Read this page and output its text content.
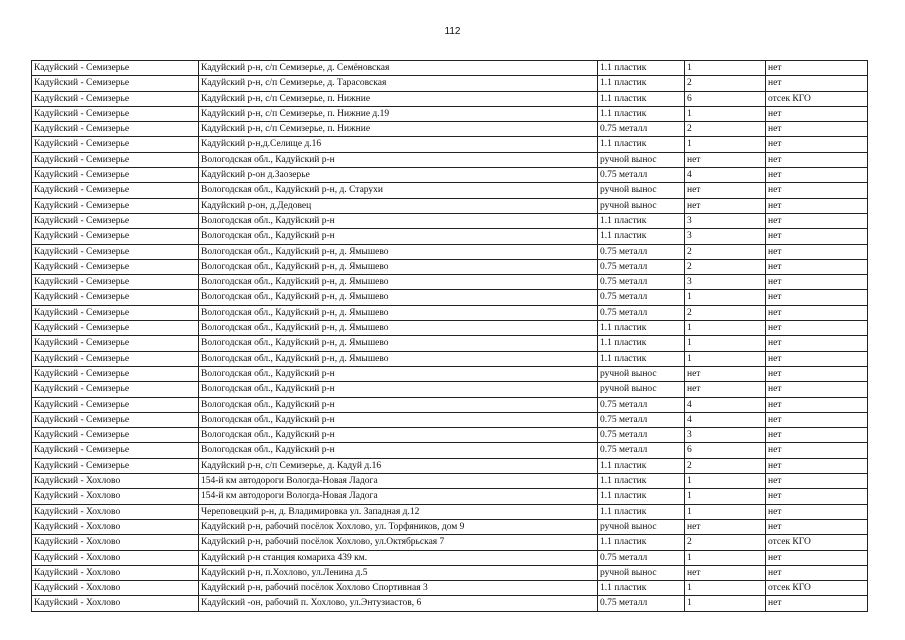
112
Кадуйский - Семизерье	Кадуйский р-н, с/п Семизерье, д. Семёновская	1.1 пластик	1	нет
Кадуйский - Семизерье	Кадуйский р-н, с/п Семизерье, д. Тарасовская	1.1 пластик	2	нет
Кадуйский - Семизерье	Кадуйский р-н, с/п Семизерье, п. Нижние	1.1 пластик	6	отсек КГО
Кадуйский - Семизерье	Кадуйский р-н, с/п Семизерье, п. Нижние д.19	1.1 пластик	1	нет
Кадуйский - Семизерье	Кадуйский р-н, с/п Семизерье, п. Нижние	0.75 металл	2	нет
Кадуйский - Семизерье	Кадуйский р-н,д.Селище д.16	1.1 пластик	1	нет
Кадуйский - Семизерье	Вологодская обл., Кадуйский р-н	ручной вынос	нет	нет
Кадуйский - Семизерье	Кадуйский р-он д.Заозерье	0.75 металл	4	нет
Кадуйский - Семизерье	Вологодская обл., Кадуйский р-н, д. Старухи	ручной вынос	нет	нет
Кадуйский - Семизерье	Кадуйский р-он, д.Дедовец	ручной вынос	нет	нет
Кадуйский - Семизерье	Вологодская обл., Кадуйский р-н	1.1 пластик	3	нет
Кадуйский - Семизерье	Вологодская обл., Кадуйский р-н	1.1 пластик	3	нет
Кадуйский - Семизерье	Вологодская обл., Кадуйский р-н, д. Ямышево	0.75 металл	2	нет
Кадуйский - Семизерье	Вологодская обл., Кадуйский р-н, д. Ямышево	0.75 металл	2	нет
Кадуйский - Семизерье	Вологодская обл., Кадуйский р-н, д. Ямышево	0.75 металл	3	нет
Кадуйский - Семизерье	Вологодская обл., Кадуйский р-н, д. Ямышево	0.75 металл	1	нет
Кадуйский - Семизерье	Вологодская обл., Кадуйский р-н, д. Ямышево	0.75 металл	2	нет
Кадуйский - Семизерье	Вологодская обл., Кадуйский р-н, д. Ямышево	1.1 пластик	1	нет
Кадуйский - Семизерье	Вологодская обл., Кадуйский р-н, д. Ямышево	1.1 пластик	1	нет
Кадуйский - Семизерье	Вологодская обл., Кадуйский р-н, д. Ямышево	1.1 пластик	1	нет
Кадуйский - Семизерье	Вологодская обл., Кадуйский р-н	ручной вынос	нет	нет
Кадуйский - Семизерье	Вологодская обл., Кадуйский р-н	ручной вынос	нет	нет
Кадуйский - Семизерье	Вологодская обл., Кадуйский р-н	0.75 металл	4	нет
Кадуйский - Семизерье	Вологодская обл., Кадуйский р-н	0.75 металл	4	нет
Кадуйский - Семизерье	Вологодская обл., Кадуйский р-н	0.75 металл	3	нет
Кадуйский - Семизерье	Вологодская обл., Кадуйский р-н	0.75 металл	6	нет
Кадуйский - Семизерье	Кадуйский р-н, с/п Семизерье, д. Кадуй д.16	1.1 пластик	2	нет
Кадуйский - Хохлово	154-й км автодороги Вологда-Новая Ладога	1.1 пластик	1	нет
Кадуйский - Хохлово	154-й км автодороги Вологда-Новая Ладога	1.1 пластик	1	нет
Кадуйский - Хохлово	Череповецкий р-н, д. Владимировка ул. Западная д.12	1.1 пластик	1	нет
Кадуйский - Хохлово	Кадуйский р-н, рабочий посёлок Хохлово, ул. Торфяников, дом 9	ручной вынос	нет	нет
Кадуйский - Хохлово	Кадуйский р-н, рабочий посёлок Хохлово, ул.Октябрьская 7	1.1 пластик	2	отсек КГО
Кадуйский - Хохлово	Кадуйский р-н станция комариха 439 км.	0.75 металл	1	нет
Кадуйский - Хохлово	Кадуйский р-н, п.Хохлово, ул.Ленина д.5	ручной вынос	нет	нет
Кадуйский - Хохлово	Кадуйский р-н, рабочий посёлок Хохлово Спортивная 3	1.1 пластик	1	отсек КГО
Кадуйский - Хохлово	Кадуйский -он, рабочий п. Хохлово, ул.Энтузиастов, 6	0.75 металл	1	нет
